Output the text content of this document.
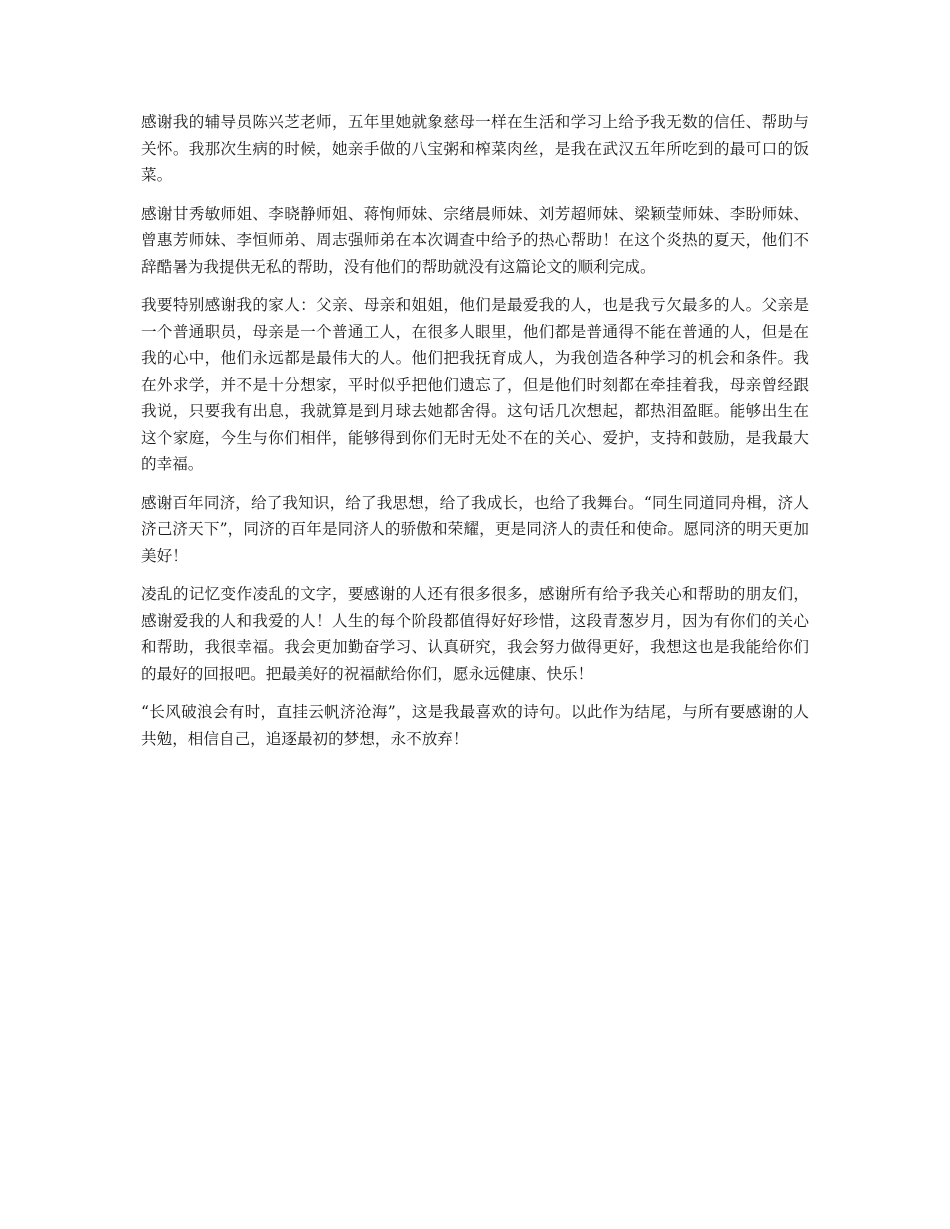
感谢我的辅导员陈兴芝老师，五年里她就象慈母一样在生活和学习上给予我无数的信任、帮助与关怀。我那次生病的时候，她亲手做的八宝粥和榨菜肉丝，是我在武汉五年所吃到的最可口的饭菜。

感谢甘秀敏师姐、李晓静师姐、蒋恂师妹、宗绪晨师妹、刘芳超师妹、梁颖莹师妹、李盼师妹、曾惠芳师妹、李恒师弟、周志强师弟在本次调查中给予的热心帮助！在这个炎热的夏天，他们不辞酷暑为我提供无私的帮助，没有他们的帮助就没有这篇论文的顺利完成。

我要特别感谢我的家人：父亲、母亲和姐姐，他们是最爱我的人，也是我亏欠最多的人。父亲是一个普通职员，母亲是一个普通工人，在很多人眼里，他们都是普通得不能在普通的人，但是在我的心中，他们永远都是最伟大的人。他们把我抚育成人，为我创造各种学习的机会和条件。我在外求学，并不是十分想家，平时似乎把他们遗忘了，但是他们时刻都在牵挂着我，母亲曾经跟我说，只要我有出息，我就算是到月球去她都舍得。这句话几次想起，都热泪盈眶。能够出生在这个家庭，今生与你们相伴，能够得到你们无时无处不在的关心、爱护，支持和鼓励，是我最大的幸福。

感谢百年同济，给了我知识，给了我思想，给了我成长，也给了我舞台。“同生同道同舟楫，济人济己济天下”，同济的百年是同济人的骄傲和荣耀，更是同济人的责任和使命。愿同济的明天更加美好！

凌乱的记忆变作凌乱的文字，要感谢的人还有很多很多，感谢所有给予我关心和帮助的朋友们，感谢爱我的人和我爱的人！人生的每个阶段都值得好好珍惜，这段青葱岁月，因为有你们的关心和帮助，我很幸福。我会更加勤奋学习、认真研究，我会努力做得更好，我想这也是我能给你们的最好的回报吧。把最美好的祝福献给你们，愿永远健康、快乐！

“长风破浪会有时，直挂云帆济沧海”，这是我最喜欢的诗句。以此作为结尾，与所有要感谢的人共勉，相信自己，追逐最初的梦想，永不放弃！
